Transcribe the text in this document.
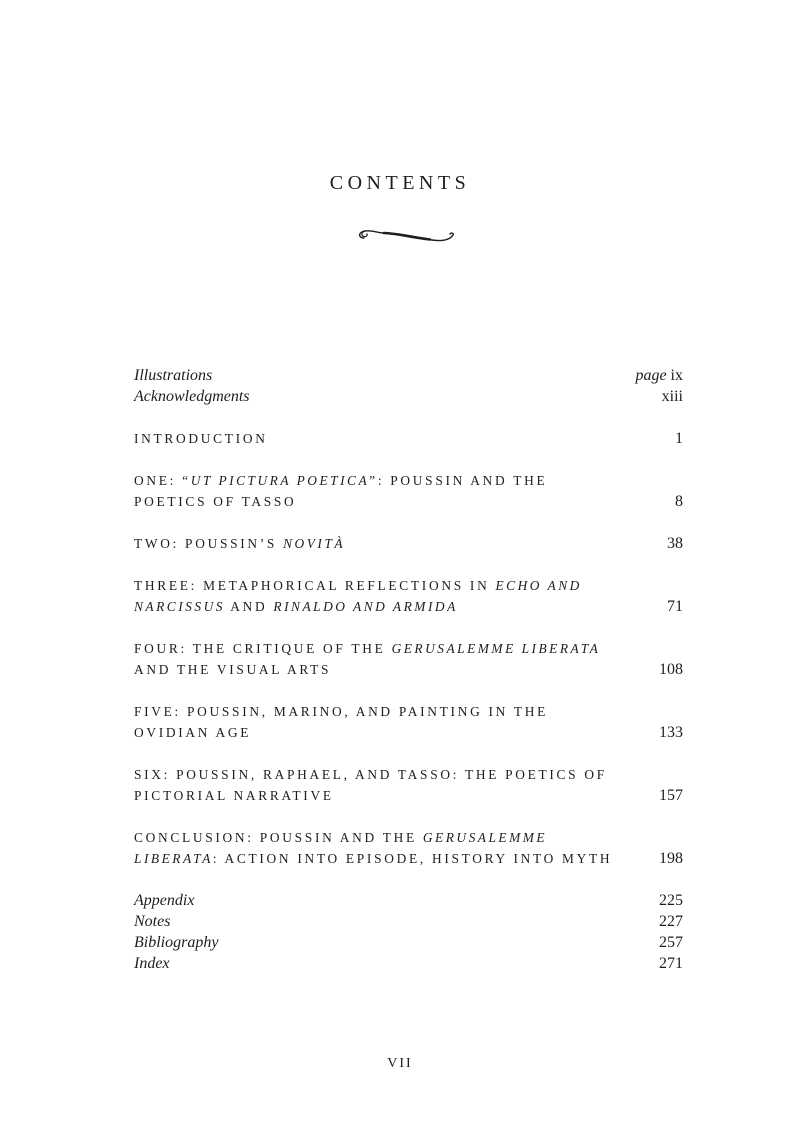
CONTENTS
Illustrations	page ix
Acknowledgments	xiii
INTRODUCTION	1
ONE: “UT PICTURA POETICA”: POUSSIN AND THE POETICS OF TASSO	8
TWO: POUSSIN’S NOVITÀ	38
THREE: METAPHORICAL REFLECTIONS IN ECHO AND NARCISSUS AND RINALDO AND ARMIDA	71
FOUR: THE CRITIQUE OF THE GERUSALEMME LIBERATA AND THE VISUAL ARTS	108
FIVE: POUSSIN, MARINO, AND PAINTING IN THE OVIDIAN AGE	133
SIX: POUSSIN, RAPHAEL, AND TASSO: THE POETICS OF PICTORIAL NARRATIVE	157
CONCLUSION: POUSSIN AND THE GERUSALEMME LIBERATA: ACTION INTO EPISODE, HISTORY INTO MYTH	198
Appendix	225
Notes	227
Bibliography	257
Index	271
VII
